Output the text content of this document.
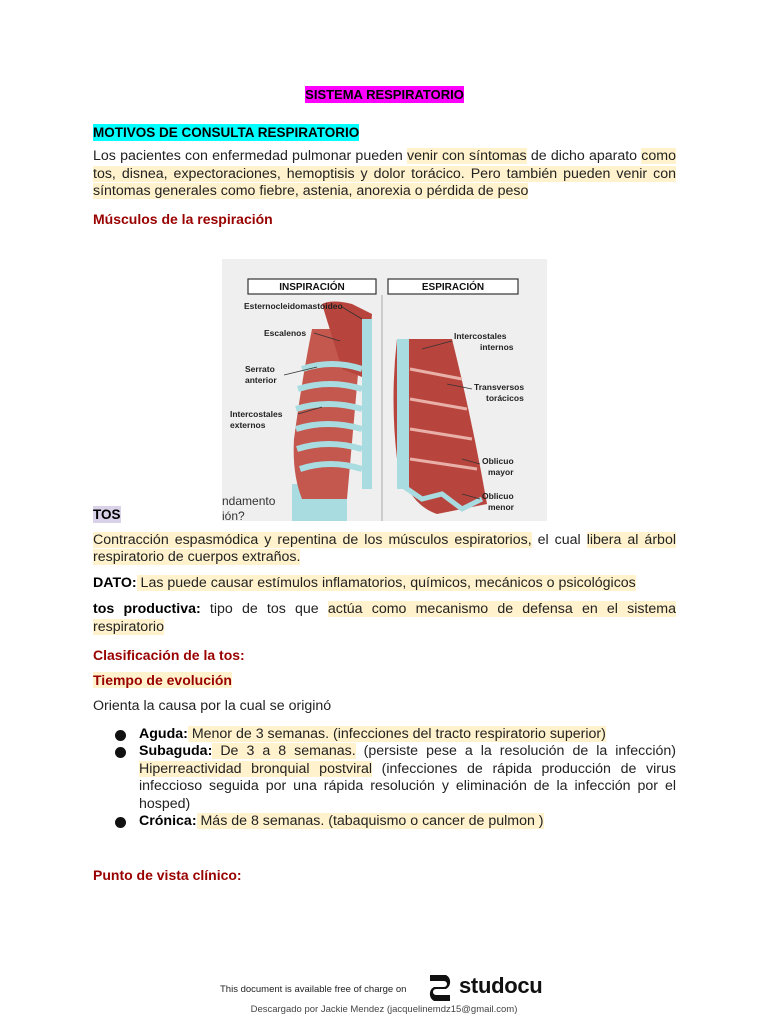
SISTEMA RESPIRATORIO
MOTIVOS DE CONSULTA RESPIRATORIO

Los pacientes con enfermedad pulmonar pueden venir con síntomas de dicho aparato como tos, disnea, expectoraciones, hemoptisis y dolor torácico. Pero también pueden venir con síntomas generales como fiebre, astenia, anorexia o pérdida de peso

Músculos de la respiración

TOS

Contracción espasmódica y repentina de los músculos espiratorios, el cual libera al árbol respiratorio de cuerpos extraños.

DATO: Las puede causar estímulos inflamatorios, químicos, mecánicos o psicológicos

tos productiva: tipo de tos que actúa como mecanismo de defensa en el sistema respiratorio

Clasificación de la tos:

Tiempo de evolución

Orienta la causa por la cual se originó

Aguda: Menor de 3 semanas. (infecciones del tracto respiratorio superior)
Subaguda: De 3 a 8 semanas. (persiste pese a la resolución de la infección) Hiperreactividad bronquial postviral (infecciones de rápida producción de virus infeccioso seguida por una rápida resolución y eliminación de la infección por el hosped)
Crónica: Más de 8 semanas. (tabaquismo o cancer de pulmon )

Punto de vista clínico:

INSPIRACIÓN	ESPIRACIÓN
Esternocleidomastoideo
Escalenos
Serrato
anterior
Intercostales
externos
Intercostales
internos
Transversos
torácicos
Oblicuo
mayor
Oblicuo
menor
ndamento
ión?
This document is available free of charge on studocu
Descargado por Jackie Mendez (jacquelinemdz15@gmail.com)
